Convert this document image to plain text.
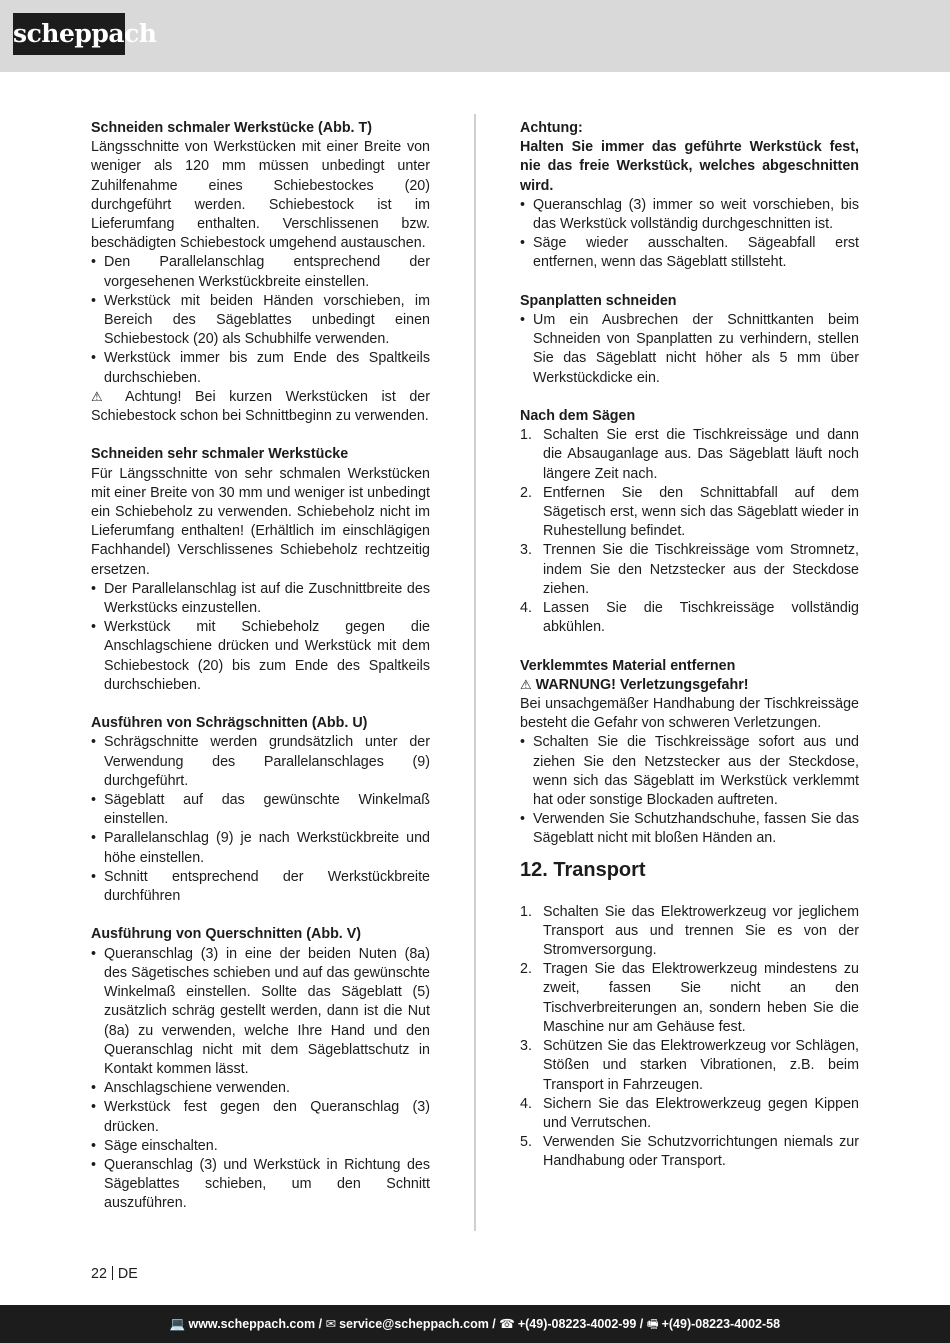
scheppach
Schneiden schmaler Werkstücke (Abb. T)
Längsschnitte von Werkstücken mit einer Breite von weniger als 120 mm müssen unbedingt unter Zuhilfenahme eines Schiebestockes (20) durchgeführt werden. Schiebestock ist im Lieferumfang enthalten. Verschlissenen bzw. beschädigten Schiebestock umgehend austauschen.
• Den Parallelanschlag entsprechend der vorgesehenen Werkstückbreite einstellen.
• Werkstück mit beiden Händen vorschieben, im Bereich des Sägeblattes unbedingt einen Schiebestock (20) als Schubhilfe verwenden.
• Werkstück immer bis zum Ende des Spaltkeils durchschieben.
⚠ Achtung! Bei kurzen Werkstücken ist der Schiebestock schon bei Schnittbeginn zu verwenden.
Schneiden sehr schmaler Werkstücke
Für Längsschnitte von sehr schmalen Werkstücken mit einer Breite von 30 mm und weniger ist unbedingt ein Schiebeholz zu verwenden. Schiebeholz nicht im Lieferumfang enthalten! (Erhältlich im einschlägigen Fachhandel) Verschlissenes Schiebeholz rechtzeitig ersetzen.
• Der Parallelanschlag ist auf die Zuschnittbreite des Werkstücks einzustellen.
• Werkstück mit Schiebeholz gegen die Anschlagschiene drücken und Werkstück mit dem Schiebestock (20) bis zum Ende des Spaltkeils durchschieben.
Ausführen von Schrägschnitten (Abb. U)
• Schrägschnitte werden grundsätzlich unter der Verwendung des Parallelanschlages (9) durchgeführt.
• Sägeblatt auf das gewünschte Winkelmaß einstellen.
• Parallelanschlag (9) je nach Werkstückbreite und höhe einstellen.
• Schnitt entsprechend der Werkstückbreite durchführen
Ausführung von Querschnitten (Abb. V)
• Queranschlag (3) in eine der beiden Nuten (8a) des Sägetisches schieben und auf das gewünschte Winkelmaß einstellen. Sollte das Sägeblatt (5) zusätzlich schräg gestellt werden, dann ist die Nut (8a) zu verwenden, welche Ihre Hand und den Queranschlag nicht mit dem Sägeblattschutz in Kontakt kommen lässt.
• Anschlagschiene verwenden.
• Werkstück fest gegen den Queranschlag (3) drücken.
• Säge einschalten.
• Queranschlag (3) und Werkstück in Richtung des Sägeblattes schieben, um den Schnitt auszuführen.
Achtung:
Halten Sie immer das geführte Werkstück fest, nie das freie Werkstück, welches abgeschnitten wird.
• Queranschlag (3) immer so weit vorschieben, bis das Werkstück vollständig durchgeschnitten ist.
• Säge wieder ausschalten. Sägeabfall erst entfernen, wenn das Sägeblatt stillsteht.
Spanplatten schneiden
• Um ein Ausbrechen der Schnittkanten beim Schneiden von Spanplatten zu verhindern, stellen Sie das Sägeblatt nicht höher als 5 mm über Werkstückdicke ein.
Nach dem Sägen
1. Schalten Sie erst die Tischkreissäge und dann die Absauganlage aus. Das Sägeblatt läuft noch längere Zeit nach.
2. Entfernen Sie den Schnittabfall auf dem Sägetisch erst, wenn sich das Sägeblatt wieder in Ruhestellung befindet.
3. Trennen Sie die Tischkreissäge vom Stromnetz, indem Sie den Netzstecker aus der Steckdose ziehen.
4. Lassen Sie die Tischkreissäge vollständig abkühlen.
Verklemmtes Material entfernen
⚠ WARNUNG! Verletzungsgefahr!
Bei unsachgemäßer Handhabung der Tischkreissäge besteht die Gefahr von schweren Verletzungen.
• Schalten Sie die Tischkreissäge sofort aus und ziehen Sie den Netzstecker aus der Steckdose, wenn sich das Sägeblatt im Werkstück verklemmt hat oder sonstige Blockaden auftreten.
• Verwenden Sie Schutzhandschuhe, fassen Sie das Sägeblatt nicht mit bloßen Händen an.
12. Transport
1. Schalten Sie das Elektrowerkzeug vor jeglichem Transport aus und trennen Sie es von der Stromversorgung.
2. Tragen Sie das Elektrowerkzeug mindestens zu zweit, fassen Sie nicht an den Tischverbreiterungen an, sondern heben Sie die Maschine nur am Gehäuse fest.
3. Schützen Sie das Elektrowerkzeug vor Schlägen, Stößen und starken Vibrationen, z.B. beim Transport in Fahrzeugen.
4. Sichern Sie das Elektrowerkzeug gegen Kippen und Verrutschen.
5. Verwenden Sie Schutzvorrichtungen niemals zur Handhabung oder Transport.
22 DE
💻 www.scheppach.com / ✉ service@scheppach.com / ☎ +(49)-08223-4002-99 / 🖷 +(49)-08223-4002-58
